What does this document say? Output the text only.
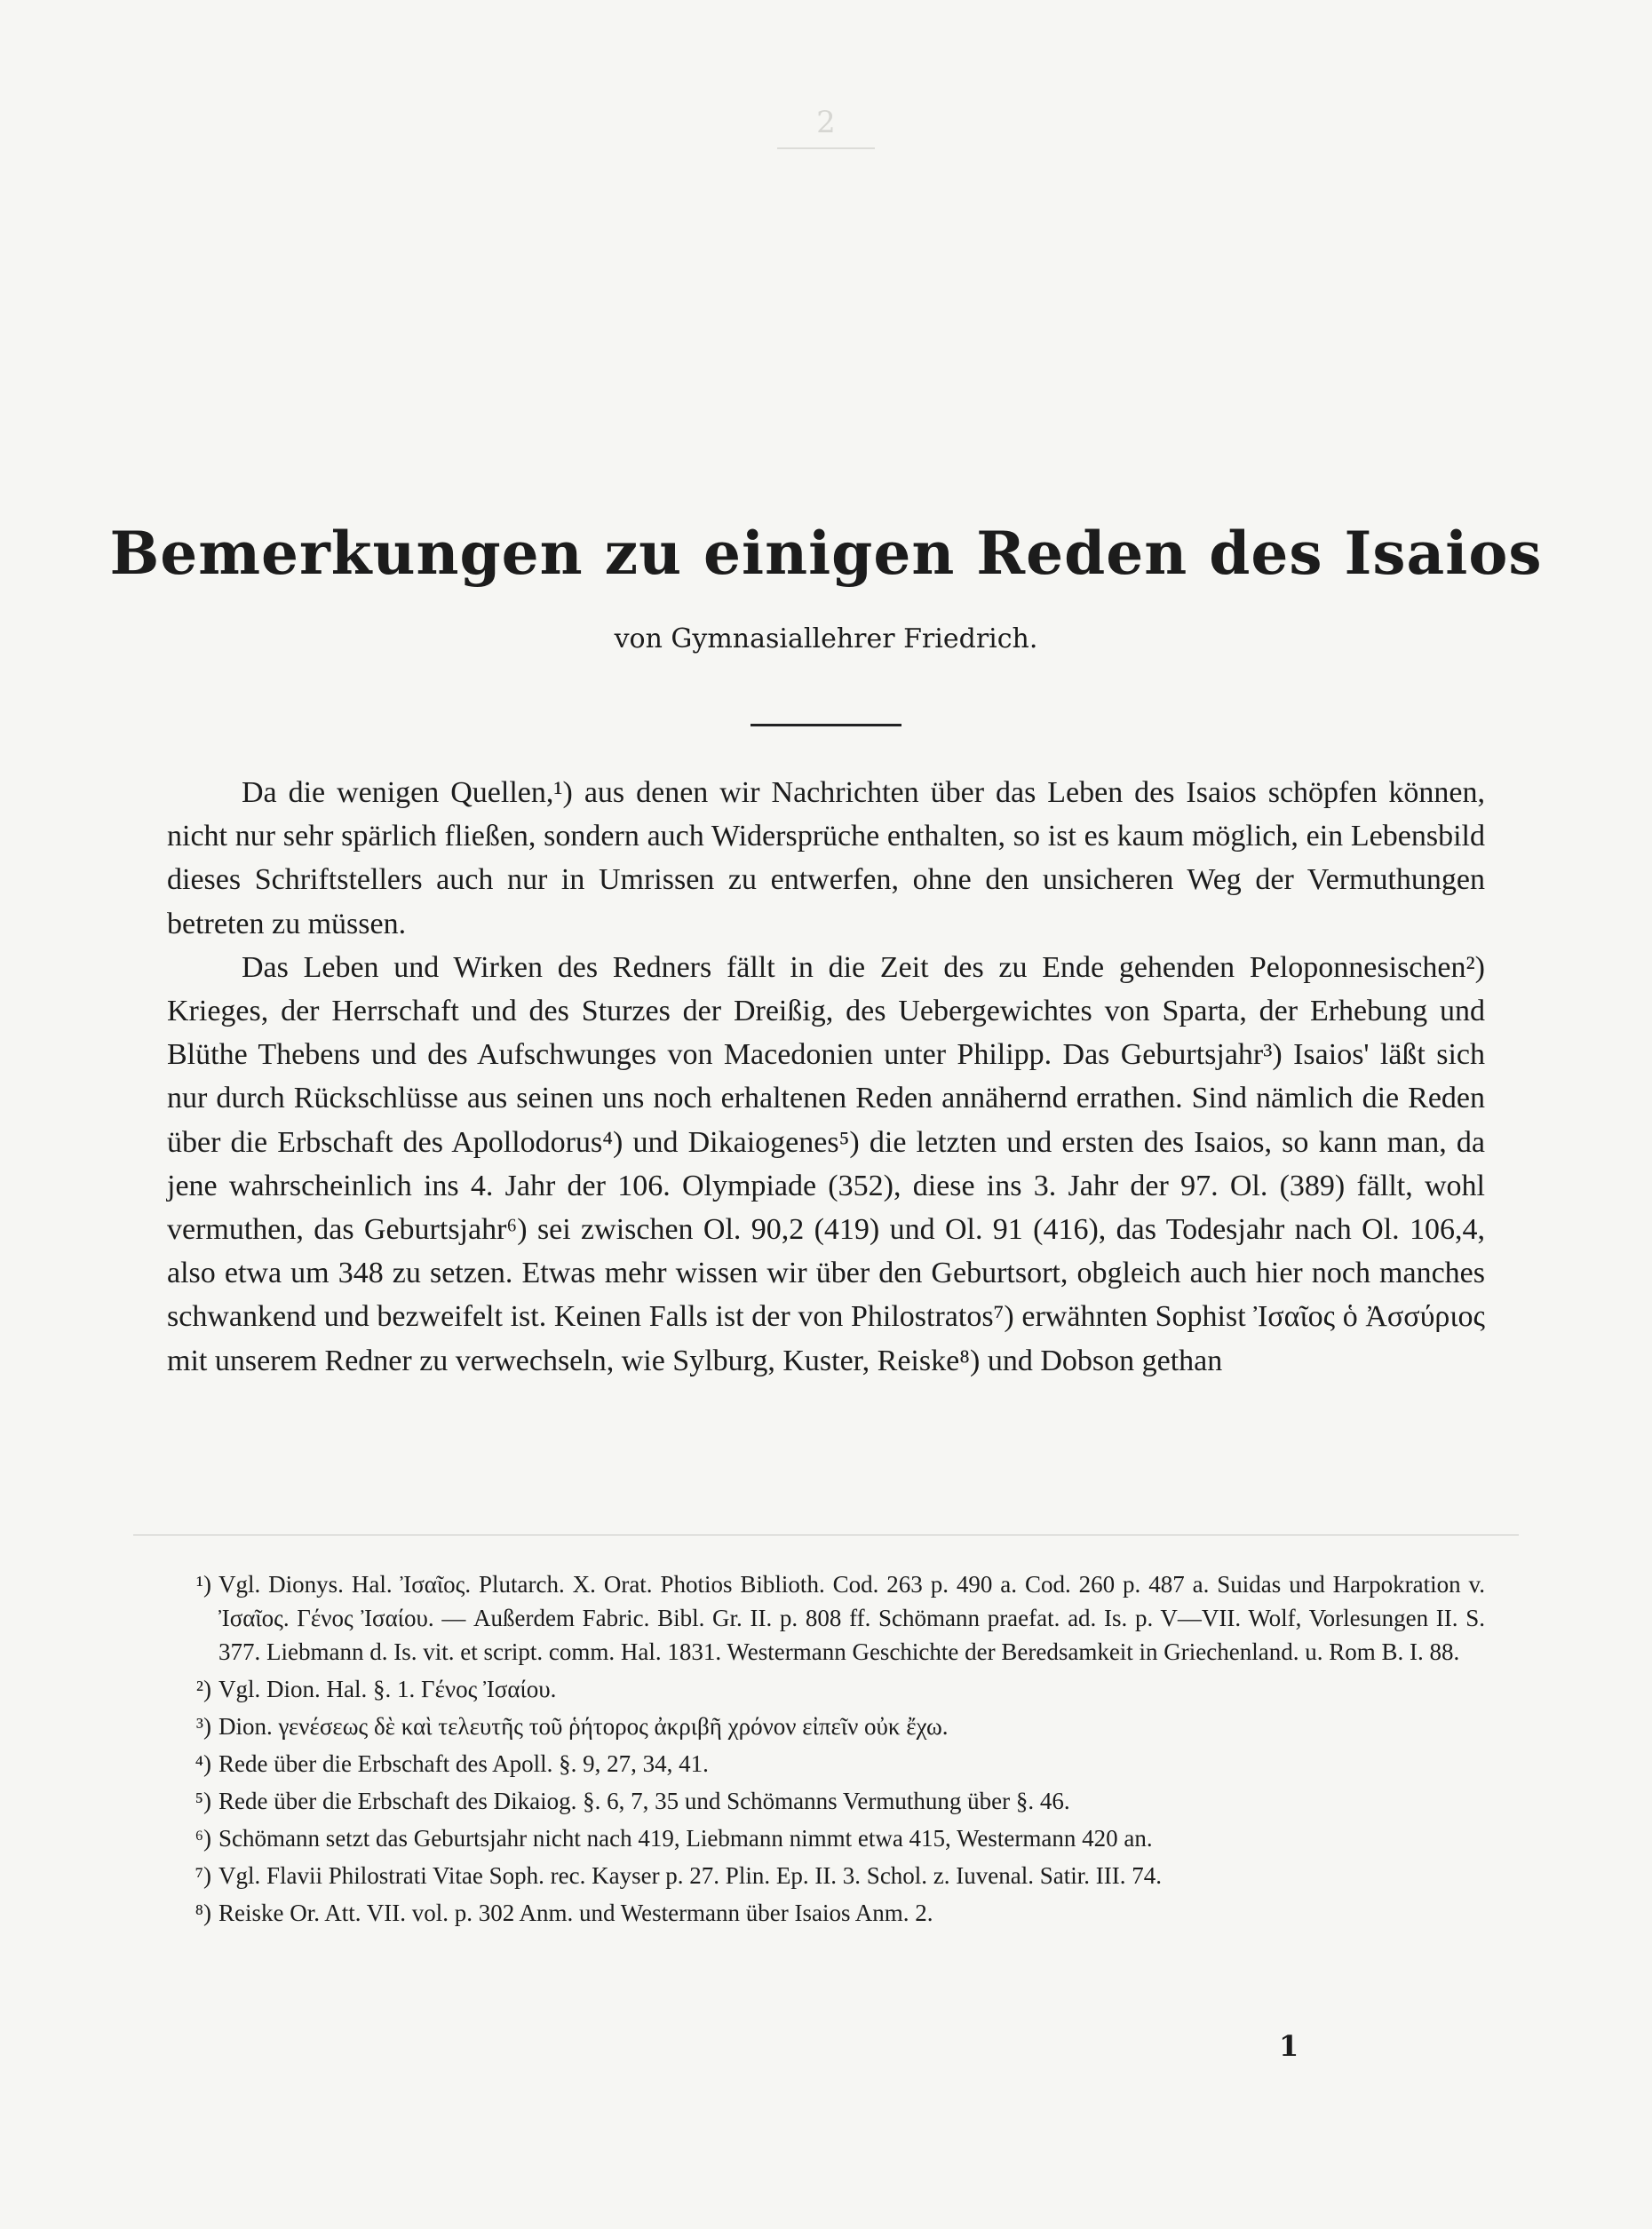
2
Bemerkungen zu einigen Reden des Isaios
von Gymnasiallehrer Friedrich.

Da die wenigen Quellen,¹) aus denen wir Nachrichten über das Leben des Isaios schöpfen können, nicht nur sehr spärlich fließen, sondern auch Widersprüche enthalten, so ist es kaum möglich, ein Lebensbild dieses Schriftstellers auch nur in Umrissen zu entwerfen, ohne den unsicheren Weg der Vermuthungen betreten zu müssen.

Das Leben und Wirken des Redners fällt in die Zeit des zu Ende gehenden Peloponnesischen²) Krieges, der Herrschaft und des Sturzes der Dreißig, des Uebergewichtes von Sparta, der Erhebung und Blüthe Thebens und des Aufschwunges von Macedonien unter Philipp. Das Geburtsjahr³) Isaios' läßt sich nur durch Rückschlüsse aus seinen uns noch erhaltenen Reden annähernd errathen. Sind nämlich die Reden über die Erbschaft des Apollodorus⁴) und Dikaiogenes⁵) die letzten und ersten des Isaios, so kann man, da jene wahrscheinlich ins 4. Jahr der 106. Olympiade (352), diese ins 3. Jahr der 97. Ol. (389) fällt, wohl vermuthen, das Geburtsjahr⁶) sei zwischen Ol. 90,2 (419) und Ol. 91 (416), das Todesjahr nach Ol. 106,4, also etwa um 348 zu setzen. Etwas mehr wissen wir über den Geburtsort, obgleich auch hier noch manches schwankend und bezweifelt ist. Keinen Falls ist der von Philostratos⁷) erwähnten Sophist Ἰσαῖος ὁ Ἀσσύριος mit unserem Redner zu verwechseln, wie Sylburg, Kuster, Reiske⁸) und Dobson gethan

¹) Vgl. Dionys. Hal. Ἰσαῖος. Plutarch. X. Orat. Photios Biblioth. Cod. 263 p. 490 a. Cod. 260 p. 487 a. Suidas und Harpokration v. Ἰσαῖος. Γένος Ἰσαίου. — Außerdem Fabric. Bibl. Gr. II. p. 808 ff. Schömann praefat. ad. Is. p. V—VII. Wolf, Vorlesungen II. S. 377. Liebmann d. Is. vit. et script. comm. Hal. 1831. Westermann Geschichte der Beredsamkeit in Griechenland. u. Rom B. I. 88.
²) Vgl. Dion. Hal. §. 1. Γένος Ἰσαίου.
³) Dion. γενέσεως δὲ καὶ τελευτῆς τοῦ ῥήτορος ἀκριβῆ χρόνον εἰπεῖν οὐκ ἔχω.
⁴) Rede über die Erbschaft des Apoll. §. 9, 27, 34, 41.
⁵) Rede über die Erbschaft des Dikaiog. §. 6, 7, 35 und Schömanns Vermuthung über §. 46.
⁶) Schömann setzt das Geburtsjahr nicht nach 419, Liebmann nimmt etwa 415, Westermann 420 an.
⁷) Vgl. Flavii Philostrati Vitae Soph. rec. Kayser p. 27. Plin. Ep. II. 3. Schol. z. Iuvenal. Satir. III. 74.
⁸) Reiske Or. Att. VII. vol. p. 302 Anm. und Westermann über Isaios Anm. 2.
1
